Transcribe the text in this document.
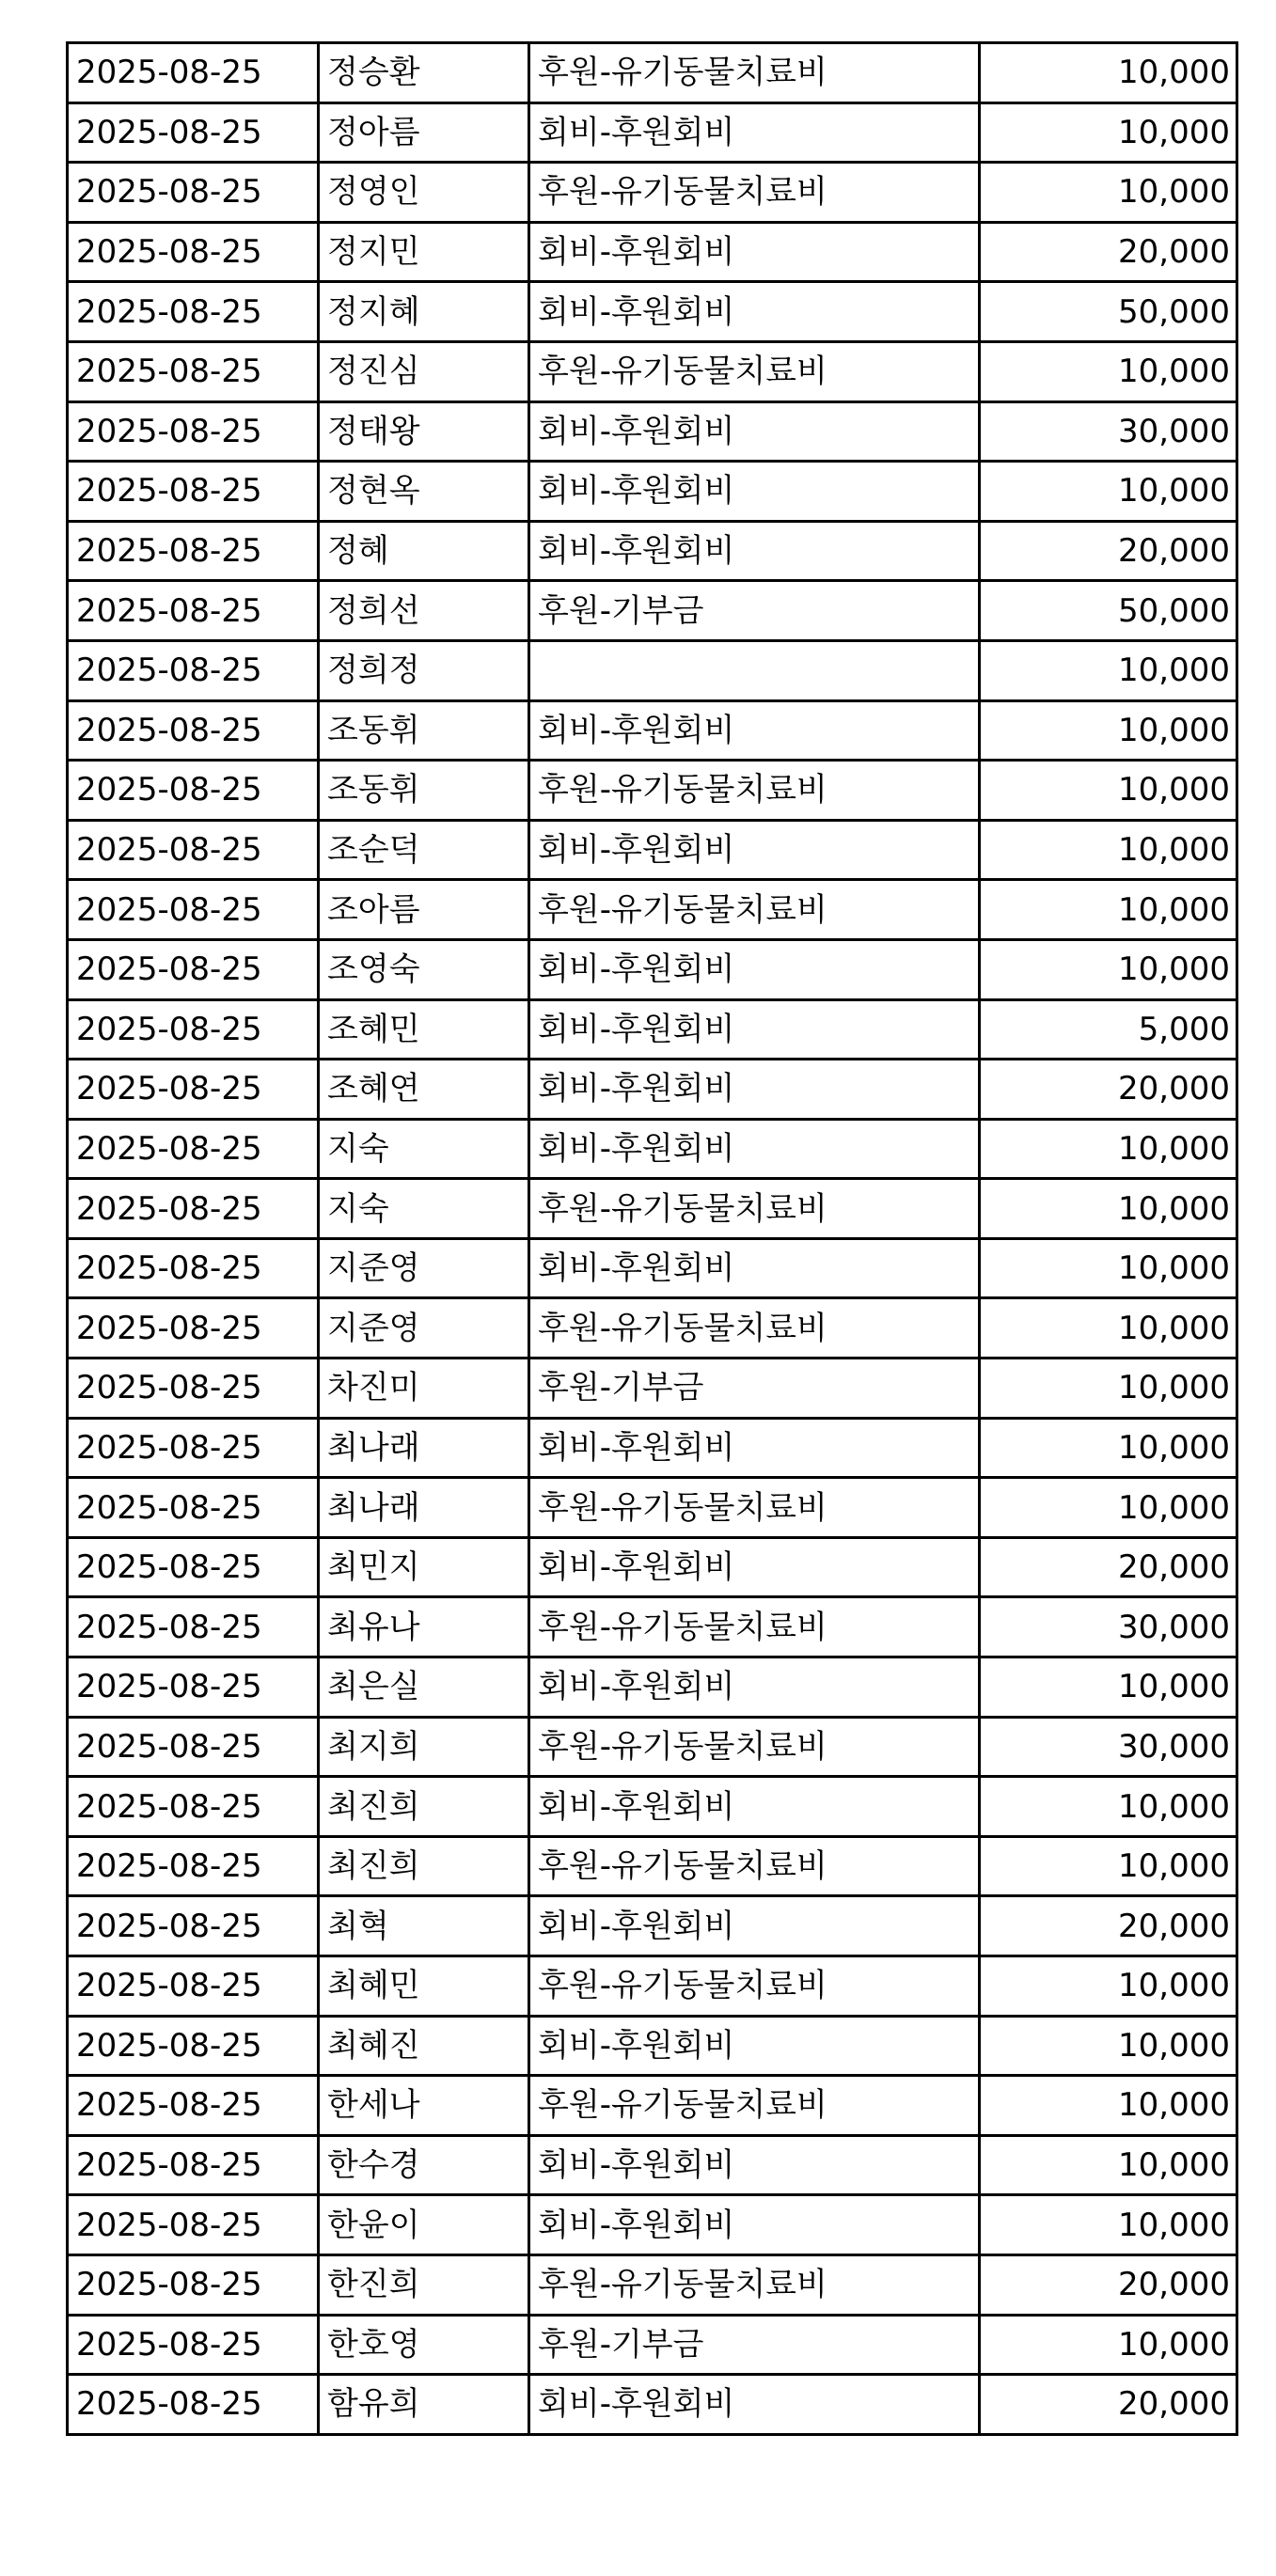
2025-08-25	정승환	후원-유기동물치료비	10,000
2025-08-25	정아름	회비-후원회비	10,000
2025-08-25	정영인	후원-유기동물치료비	10,000
2025-08-25	정지민	회비-후원회비	20,000
2025-08-25	정지혜	회비-후원회비	50,000
2025-08-25	정진심	후원-유기동물치료비	10,000
2025-08-25	정태왕	회비-후원회비	30,000
2025-08-25	정현옥	회비-후원회비	10,000
2025-08-25	정혜	회비-후원회비	20,000
2025-08-25	정희선	후원-기부금	50,000
2025-08-25	정희정		10,000
2025-08-25	조동휘	회비-후원회비	10,000
2025-08-25	조동휘	후원-유기동물치료비	10,000
2025-08-25	조순덕	회비-후원회비	10,000
2025-08-25	조아름	후원-유기동물치료비	10,000
2025-08-25	조영숙	회비-후원회비	10,000
2025-08-25	조혜민	회비-후원회비	5,000
2025-08-25	조혜연	회비-후원회비	20,000
2025-08-25	지숙	회비-후원회비	10,000
2025-08-25	지숙	후원-유기동물치료비	10,000
2025-08-25	지준영	회비-후원회비	10,000
2025-08-25	지준영	후원-유기동물치료비	10,000
2025-08-25	차진미	후원-기부금	10,000
2025-08-25	최나래	회비-후원회비	10,000
2025-08-25	최나래	후원-유기동물치료비	10,000
2025-08-25	최민지	회비-후원회비	20,000
2025-08-25	최유나	후원-유기동물치료비	30,000
2025-08-25	최은실	회비-후원회비	10,000
2025-08-25	최지희	후원-유기동물치료비	30,000
2025-08-25	최진희	회비-후원회비	10,000
2025-08-25	최진희	후원-유기동물치료비	10,000
2025-08-25	최혁	회비-후원회비	20,000
2025-08-25	최혜민	후원-유기동물치료비	10,000
2025-08-25	최혜진	회비-후원회비	10,000
2025-08-25	한세나	후원-유기동물치료비	10,000
2025-08-25	한수경	회비-후원회비	10,000
2025-08-25	한윤이	회비-후원회비	10,000
2025-08-25	한진희	후원-유기동물치료비	20,000
2025-08-25	한호영	후원-기부금	10,000
2025-08-25	함유희	회비-후원회비	20,000
